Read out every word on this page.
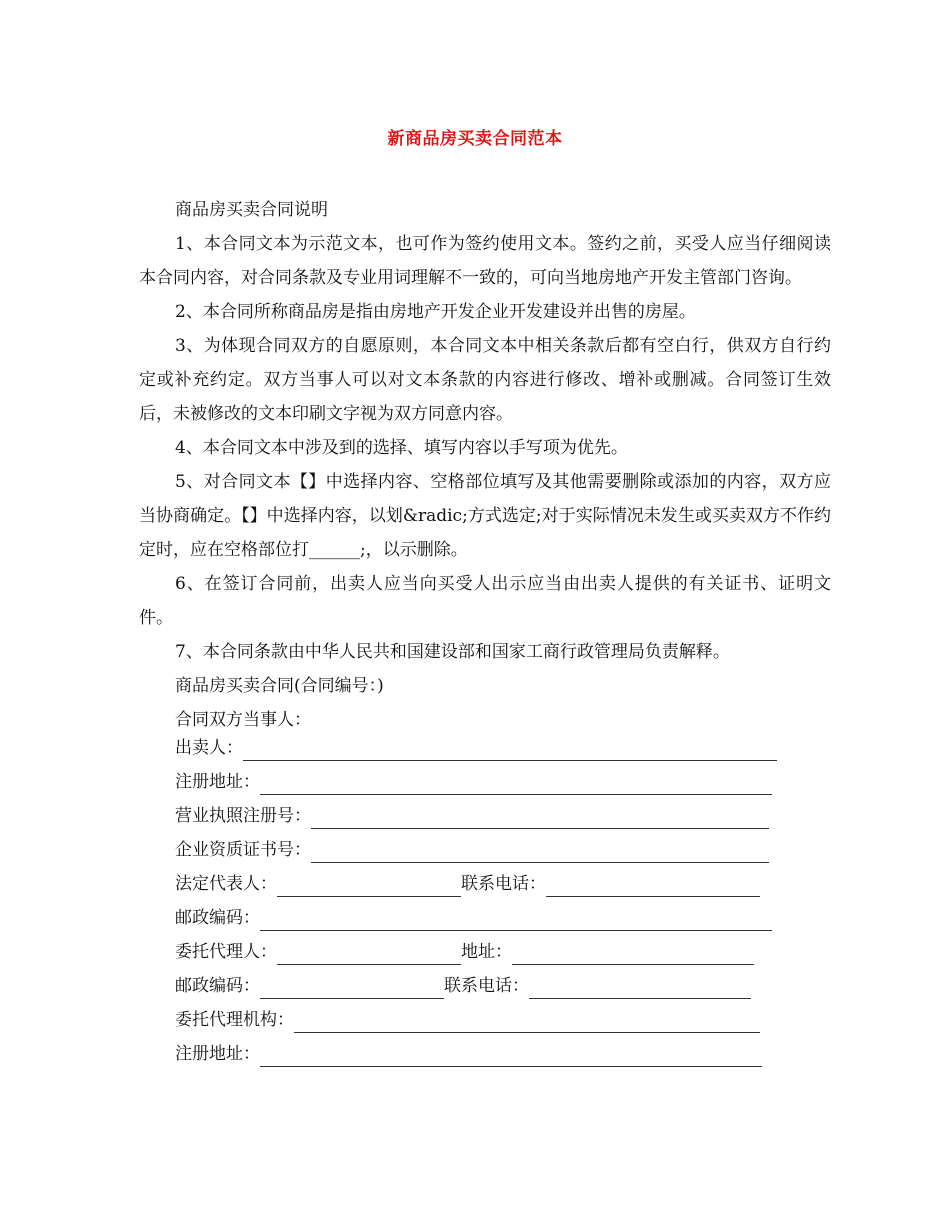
新商品房买卖合同范本

商品房买卖合同说明

1、本合同文本为示范文本，也可作为签约使用文本。签约之前，买受人应当仔细阅读本合同内容，对合同条款及专业用词理解不一致的，可向当地房地产开发主管部门咨询。

2、本合同所称商品房是指由房地产开发企业开发建设并出售的房屋。

3、为体现合同双方的自愿原则，本合同文本中相关条款后都有空白行，供双方自行约定或补充约定。双方当事人可以对文本条款的内容进行修改、增补或删减。合同签订生效后，未被修改的文本印刷文字视为双方同意内容。

4、本合同文本中涉及到的选择、填写内容以手写项为优先。

5、对合同文本【】中选择内容、空格部位填写及其他需要删除或添加的内容，双方应当协商确定。【】中选择内容，以划&radic;方式选定;对于实际情况未发生或买卖双方不作约定时，应在空格部位打______;，以示删除。

6、在签订合同前，出卖人应当向买受人出示应当由出卖人提供的有关证书、证明文件。

7、本合同条款由中华人民共和国建设部和国家工商行政管理局负责解释。

商品房买卖合同(合同编号：)

合同双方当事人：

出卖人：
注册地址：
营业执照注册号：
企业资质证书号：
法定代表人：	联系电话：
邮政编码：
委托代理人：	地址：
邮政编码：	联系电话：
委托代理机构：
注册地址：
